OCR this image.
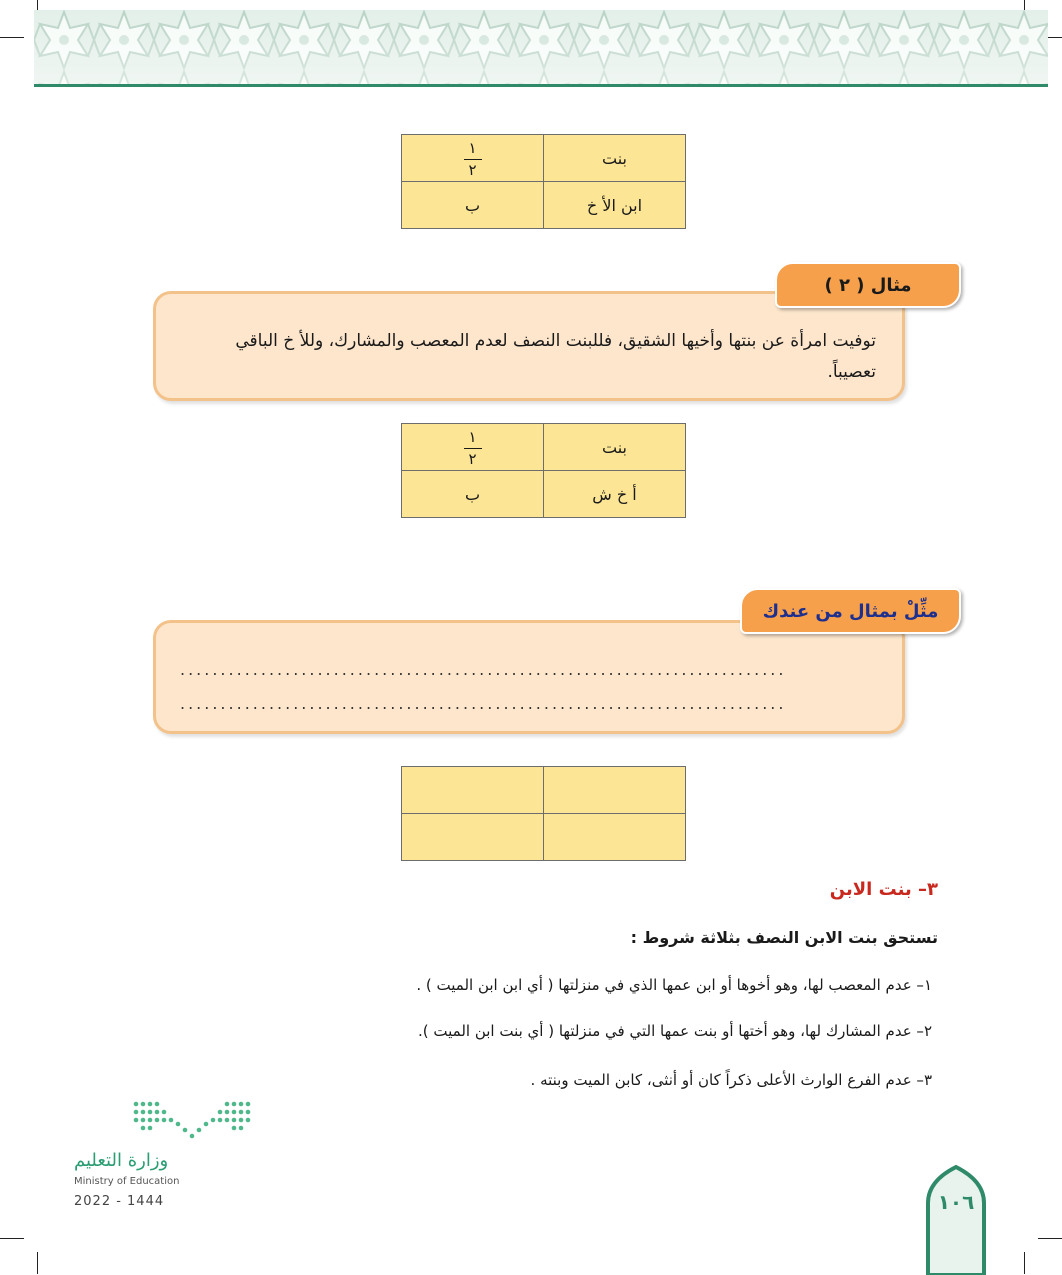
بنت	$\frac{١}{٢}$

ابن الأ خ	ب
توفيت امرأة عن بنتها وأخيها الشقيق، فللبنت النصف لعدم المعصب والمشارك، وللأ خ الباقي تعصيباً.
مثال ( ٢ )
بنت	$\frac{١}{٢}$

أ خ ش	ب
...........................................................................
...........................................................................
مثِّلْ بمثال من عندك

٣– بنت الابن
تستحق بنت الابن النصف بثلاثة شروط :
١– عدم المعصب لها، وهو أخوها أو ابن عمها الذي في منزلتها ( أي ابن ابن الميت ) .
٢– عدم المشارك لها، وهو أختها أو بنت عمها التي في منزلتها ( أي بنت ابن الميت ).
٣– عدم الفرع الوارث الأعلى ذكراً كان أو أنثى، كابن الميت وبنته .
وزارة التعليم
Ministry of Education
2022 - 1444	١٠٦
